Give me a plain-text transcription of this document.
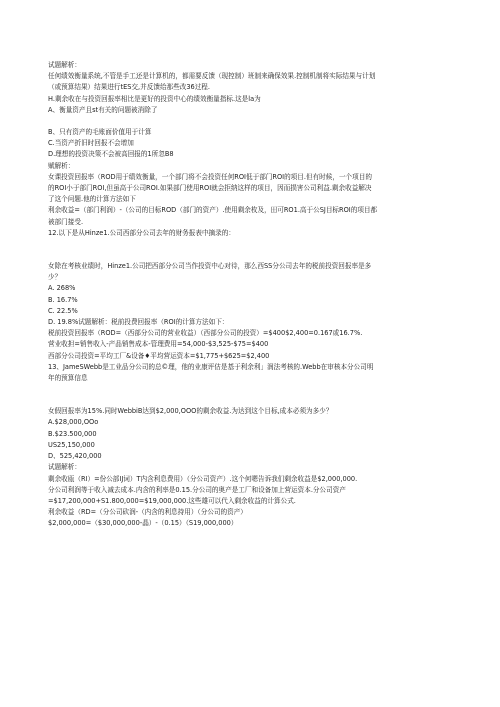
试题解析：
任何绩效衡量系统,不管是手工还是计算机的，都需要反馈（现控制）班制来确保效果.控制机制将实际结果与计划
（或预算结果）结果进行tES交,并反馈给那些改36过程.
H.剩余收在与投资回报率相比是更好的投资中心的绩效衡量指标.这是la为
A、衡量资产且st有关的问题被消除了
B、只有资产的毛账面价值用于计算
C.当资产折旧时回报不会增加
D.理想的投资决策不会被高回报的1所忽B8
赋解析：
女课投资回报率（ROD用于绩效衡量，一个部门将不会投资任何ROI低于部门ROI的项目.但有时候，一个项目的
的ROI小于部门ROI,但虽高于公司ROI.如果部门使用ROI就会拒纳这样的项目，因而损害公司利益.剩余收益解决
了这个问题.他的计算方法如下
利余收益=（部门利润）-（公司的目标ROD（部门的资产）.使用剩余枚及，田可RO1.高于公SJ目标ROI的项目都
被部门接受.
12.以下是从Hinze1.公司西部分公司去年的财务报表中摘录的：
女除在考核业绩时，Hinze1.公司把西部分公司当作投资中心对待，那么西SS分公司去年的税前投资回报率是多
少？
A. 268%
B. 16.7%
C. 22.5%
D. 19.8%试题解析：税前投费回报率（ROI的计算方法如下：
税前投资回报率（ROD=（西部分公司的营业收益）（西部分公司的投资）=$400$2,400=0.167或16.7%.
营业收担=销售收入-产品销售成本-管理费用=54,000-$3,525-$75=$400
西部分公司投资=平均工厂&设备♦平均营运资本=$1,775+$625=$2,400
13、JameSWebb是工业品分公司的总©理，他的业康评估是基于利余利」润法考核的.Webb在审核本分公司明
年的预算信息
女假回报率为15%.同时WebbiB达到$2,000,OOO的剩余收益.为达到这个目标,成本必须为多少？
A.$28,000,OOo
B.$23.500,000
US25,150,000
D、525,420,000
试题解析：
剩余收瓯（RI）=份公部IJ词）T内含利息费用）（分公司资产）.这个何嗯告诉我们剩余收益是$2,000,000.
分公司利润等于收入减去成本.内含的利率是0.15.分公司的奥产是工厂和设备加上营运资本.分公司资产
=$17,200,000+S1.800,000=$19,000,000.这些雄可以代入剩余收益的计算公式.
利余收益（RD=（分公司砍润-（内含的利息持用）（分公司的资产）
$2,000,000=（$30,000,000-晶）-（0.15）（S19,000,000）
